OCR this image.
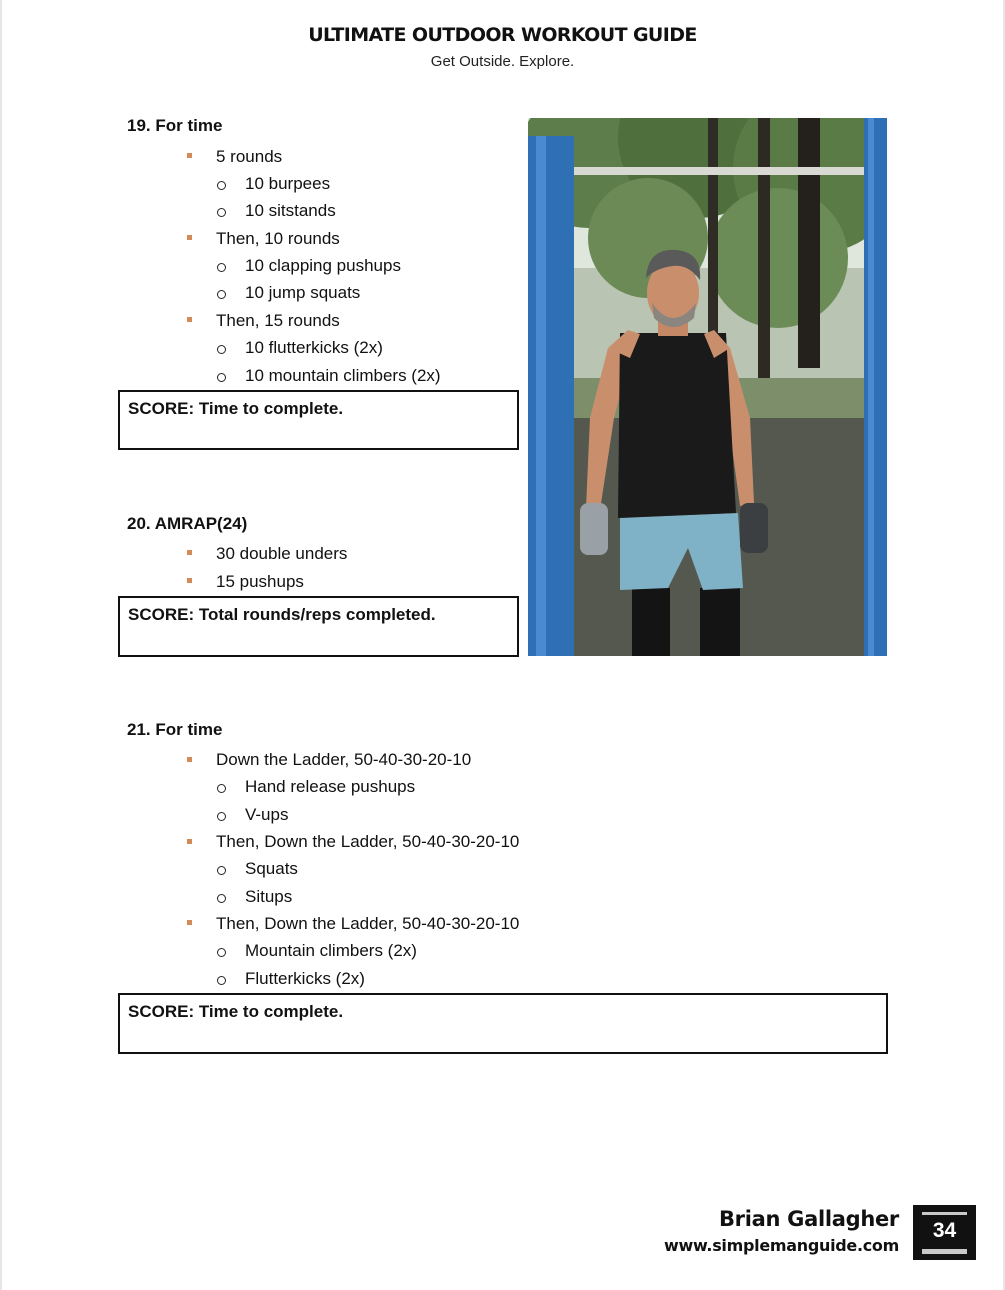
ULTIMATE OUTDOOR WORKOUT GUIDE
Get Outside. Explore.
19. For time
5 rounds
10 burpees
10 sitstands
Then, 10 rounds
10 clapping pushups
10 jump squats
Then, 15 rounds
10 flutterkicks (2x)
10 mountain climbers (2x)
SCORE: Time to complete.
20. AMRAP(24)
30 double unders
15 pushups
SCORE: Total rounds/reps completed.
21. For time
Down the Ladder, 50-40-30-20-10
Hand release pushups
V-ups
Then, Down the Ladder, 50-40-30-20-10
Squats
Situps
Then, Down the Ladder, 50-40-30-20-10
Mountain climbers (2x)
Flutterkicks (2x)
SCORE: Time to complete.
Brian Gallagher
www.simplemanguide.com
34
